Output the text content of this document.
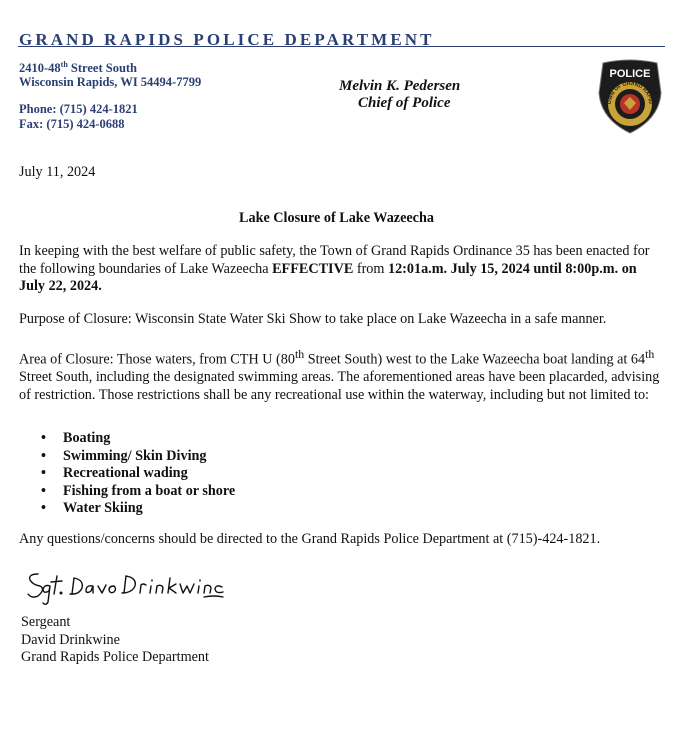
GRAND RAPIDS POLICE DEPARTMENT
2410-48th Street South
Wisconsin Rapids, WI 54494-7799
Phone: (715) 424-1821
Fax: (715) 424-0688
Melvin K. Pedersen
Chief of Police
POLICE
OWN OF GRAND RAPID
July 11, 2024
Lake Closure of Lake Wazeecha
In keeping with the best welfare of public safety, the Town of Grand Rapids Ordinance 35 has been enacted for the following boundaries of Lake Wazeecha EFFECTIVE from 12:01a.m. July 15, 2024 until 8:00p.m. on July 22, 2024.
Purpose of Closure: Wisconsin State Water Ski Show to take place on Lake Wazeecha in a safe manner.
Area of Closure: Those waters, from CTH U (80th Street South) west to the Lake Wazeecha boat landing at 64th Street South, including the designated swimming areas. The aforementioned areas have been placarded, advising of restriction. Those restrictions shall be any recreational use within the waterway, including but not limited to:
• Boating
• Swimming/ Skin Diving
• Recreational wading
• Fishing from a boat or shore
• Water Skiing
Any questions/concerns should be directed to the Grand Rapids Police Department at (715)-424-1821.
Sergeant
David Drinkwine
Grand Rapids Police Department
